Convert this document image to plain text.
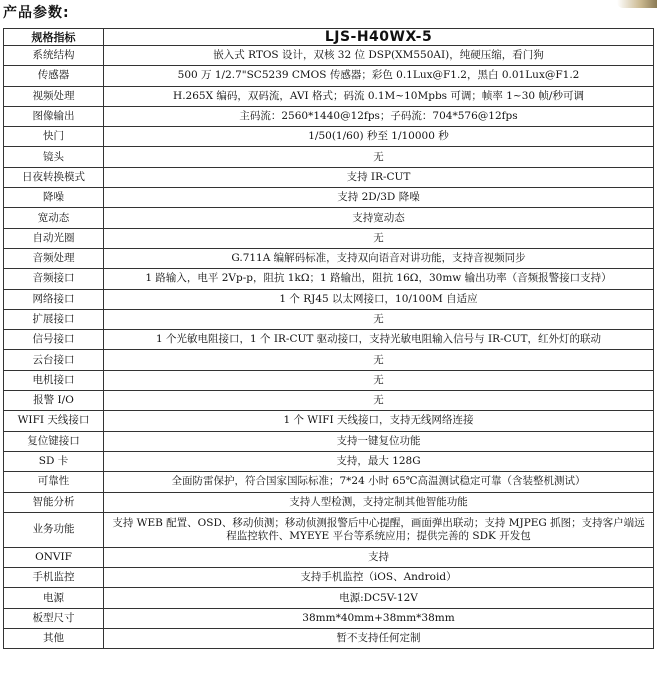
产品参数:
规格指标	LJS-H40WX-5
系统结构	嵌入式 RTOS 设计，双核 32 位 DSP(XM550AI)，纯硬压缩，看门狗
传感器	500 万 1/2.7"SC5239 CMOS 传感器；彩色 0.1Lux@F1.2，黑白 0.01Lux@F1.2
视频处理	H.265X 编码，双码流，AVI 格式；码流 0.1M~10Mpbs 可调；帧率 1~30 帧/秒可调
图像输出	主码流：2560*1440@12fps；子码流：704*576@12fps
快门	1/50(1/60) 秒至 1/10000 秒
镜头	无
日夜转换模式	支持 IR-CUT
降噪	支持 2D/3D 降噪
宽动态	支持宽动态
自动光圈	无
音频处理	G.711A 编解码标准，支持双向语音对讲功能，支持音视频同步
音频接口	1 路输入，电平 2Vp-p，阻抗 1kΩ；1 路输出，阻抗 16Ω，30mw 输出功率（音频报警接口支持）
网络接口	1 个 RJ45 以太网接口，10/100M 自适应
扩展接口	无
信号接口	1 个光敏电阻接口，1 个 IR-CUT 驱动接口，支持光敏电阻输入信号与 IR-CUT，红外灯的联动
云台接口	无
电机接口	无
报警 I/O	无
WIFI 天线接口	1 个 WIFI 天线接口，支持无线网络连接
复位键接口	支持一键复位功能
SD 卡	支持，最大 128G
可靠性	全面防雷保护，符合国家国际标准；7*24 小时 65℃高温测试稳定可靠（含装整机测试）
智能分析	支持人型检测，支持定制其他智能功能
业务功能	支持 WEB 配置、OSD、移动侦测；移动侦测报警后中心提醒，画面弹出联动；支持 MJPEG 抓图；支持客户端远程监控软件、MYEYE 平台等系统应用；提供完善的 SDK 开发包
ONVIF	支持
手机监控	支持手机监控（iOS、Android）
电源	电源:DC5V-12V
板型尺寸	38mm*40mm+38mm*38mm
其他	暂不支持任何定制
